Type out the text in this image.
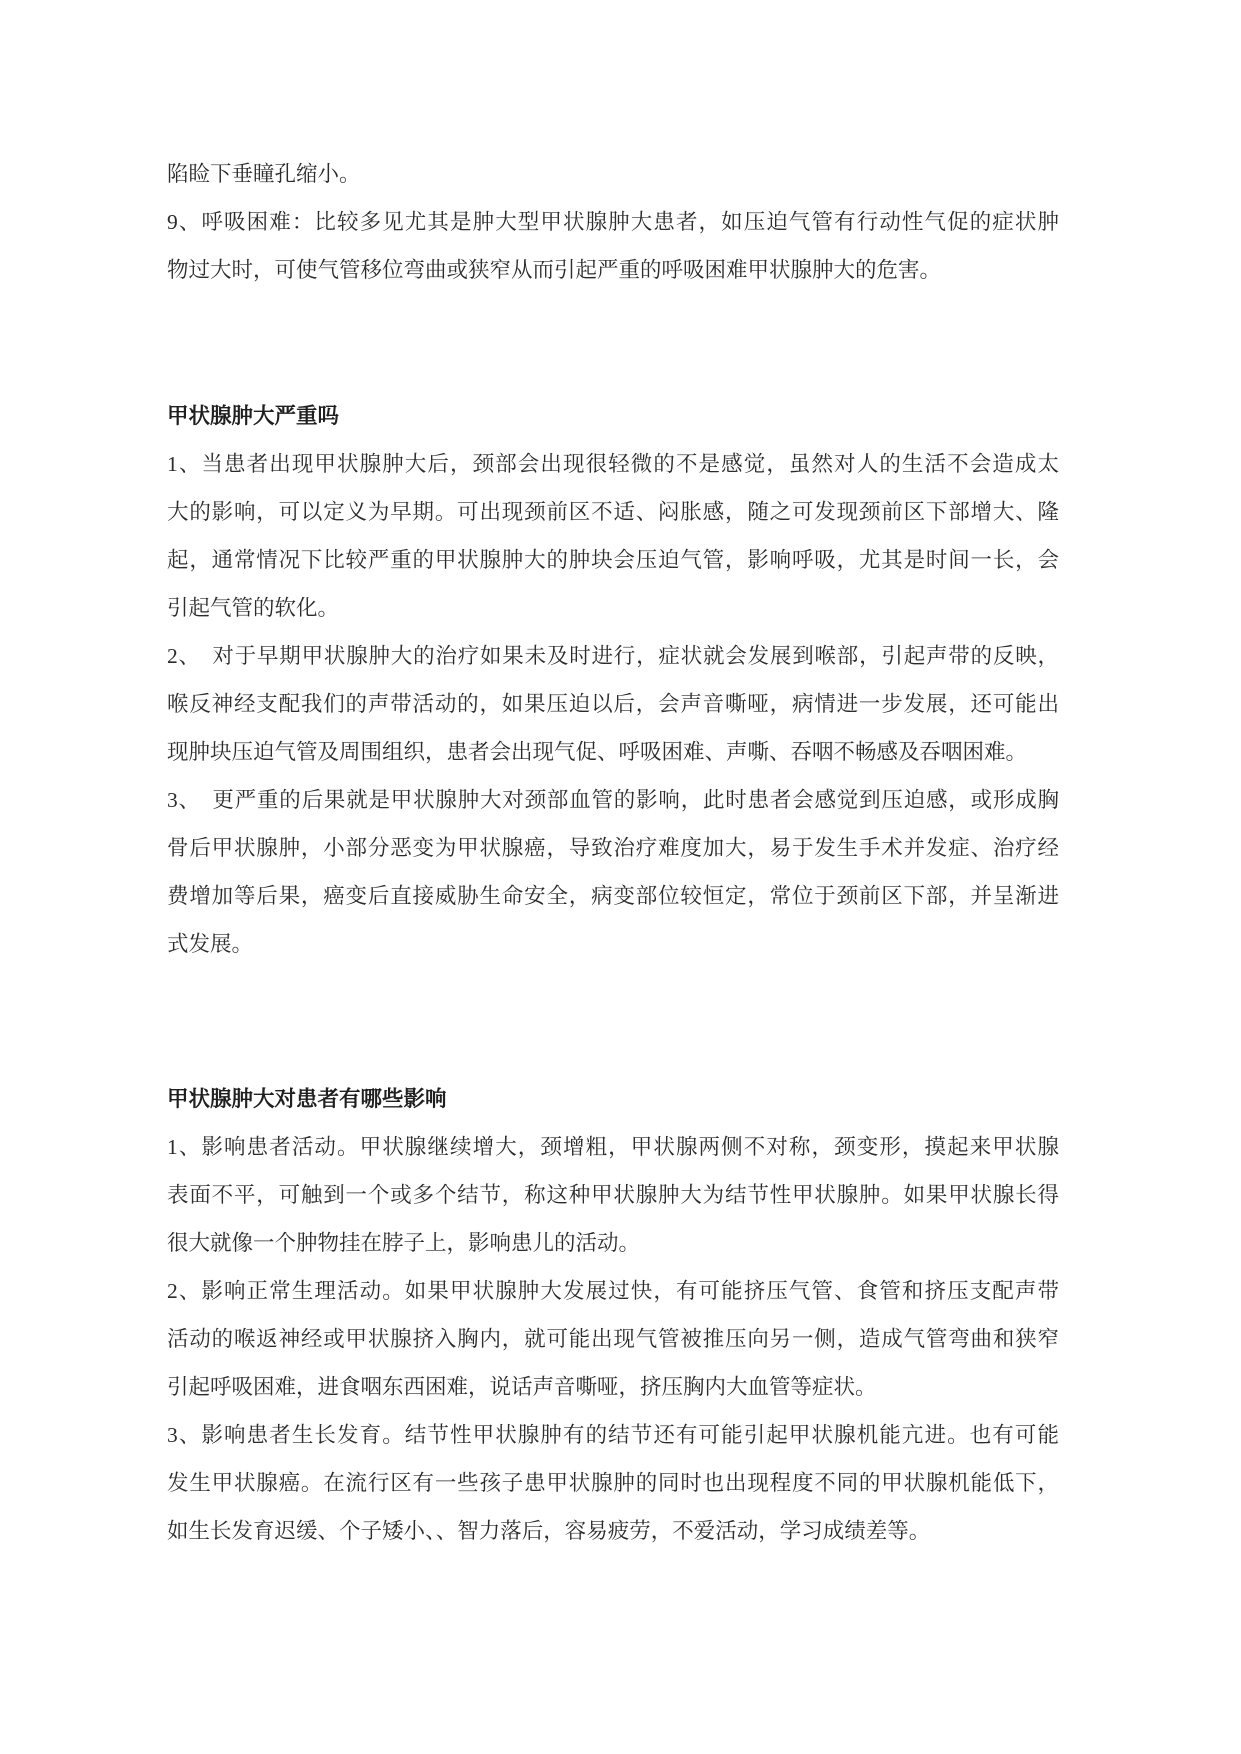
陷睑下垂瞳孔缩小。

9、呼吸困难：比较多见尤其是肿大型甲状腺肿大患者，如压迫气管有行动性气促的症状肿
物过大时，可使气管移位弯曲或狭窄从而引起严重的呼吸困难甲状腺肿大的危害。

甲状腺肿大严重吗

1、当患者出现甲状腺肿大后，颈部会出现很轻微的不是感觉，虽然对人的生活不会造成太
大的影响，可以定义为早期。可出现颈前区不适、闷胀感，随之可发现颈前区下部增大、隆
起，通常情况下比较严重的甲状腺肿大的肿块会压迫气管，影响呼吸，尤其是时间一长，会
引起气管的软化。

2、　对于早期甲状腺肿大的治疗如果未及时进行，症状就会发展到喉部，引起声带的反映，
喉反神经支配我们的声带活动的，如果压迫以后，会声音嘶哑，病情进一步发展，还可能出
现肿块压迫气管及周围组织，患者会出现气促、呼吸困难、声嘶、吞咽不畅感及吞咽困难。

3、　更严重的后果就是甲状腺肿大对颈部血管的影响，此时患者会感觉到压迫感，或形成胸
骨后甲状腺肿，小部分恶变为甲状腺癌，导致治疗难度加大，易于发生手术并发症、治疗经
费增加等后果，癌变后直接威胁生命安全，病变部位较恒定，常位于颈前区下部，并呈渐进
式发展。

甲状腺肿大对患者有哪些影响

1、影响患者活动。甲状腺继续增大，颈增粗，甲状腺两侧不对称，颈变形，摸起来甲状腺
表面不平，可触到一个或多个结节，称这种甲状腺肿大为结节性甲状腺肿。如果甲状腺长得
很大就像一个肿物挂在脖子上，影响患儿的活动。

2、影响正常生理活动。如果甲状腺肿大发展过快，有可能挤压气管、食管和挤压支配声带
活动的喉返神经或甲状腺挤入胸内，就可能出现气管被推压向另一侧，造成气管弯曲和狭窄
引起呼吸困难，进食咽东西困难，说话声音嘶哑，挤压胸内大血管等症状。

3、影响患者生长发育。结节性甲状腺肿有的结节还有可能引起甲状腺机能亢进。也有可能
发生甲状腺癌。在流行区有一些孩子患甲状腺肿的同时也出现程度不同的甲状腺机能低下，
如生长发育迟缓、个子矮小、、智力落后，容易疲劳，不爱活动，学习成绩差等。
